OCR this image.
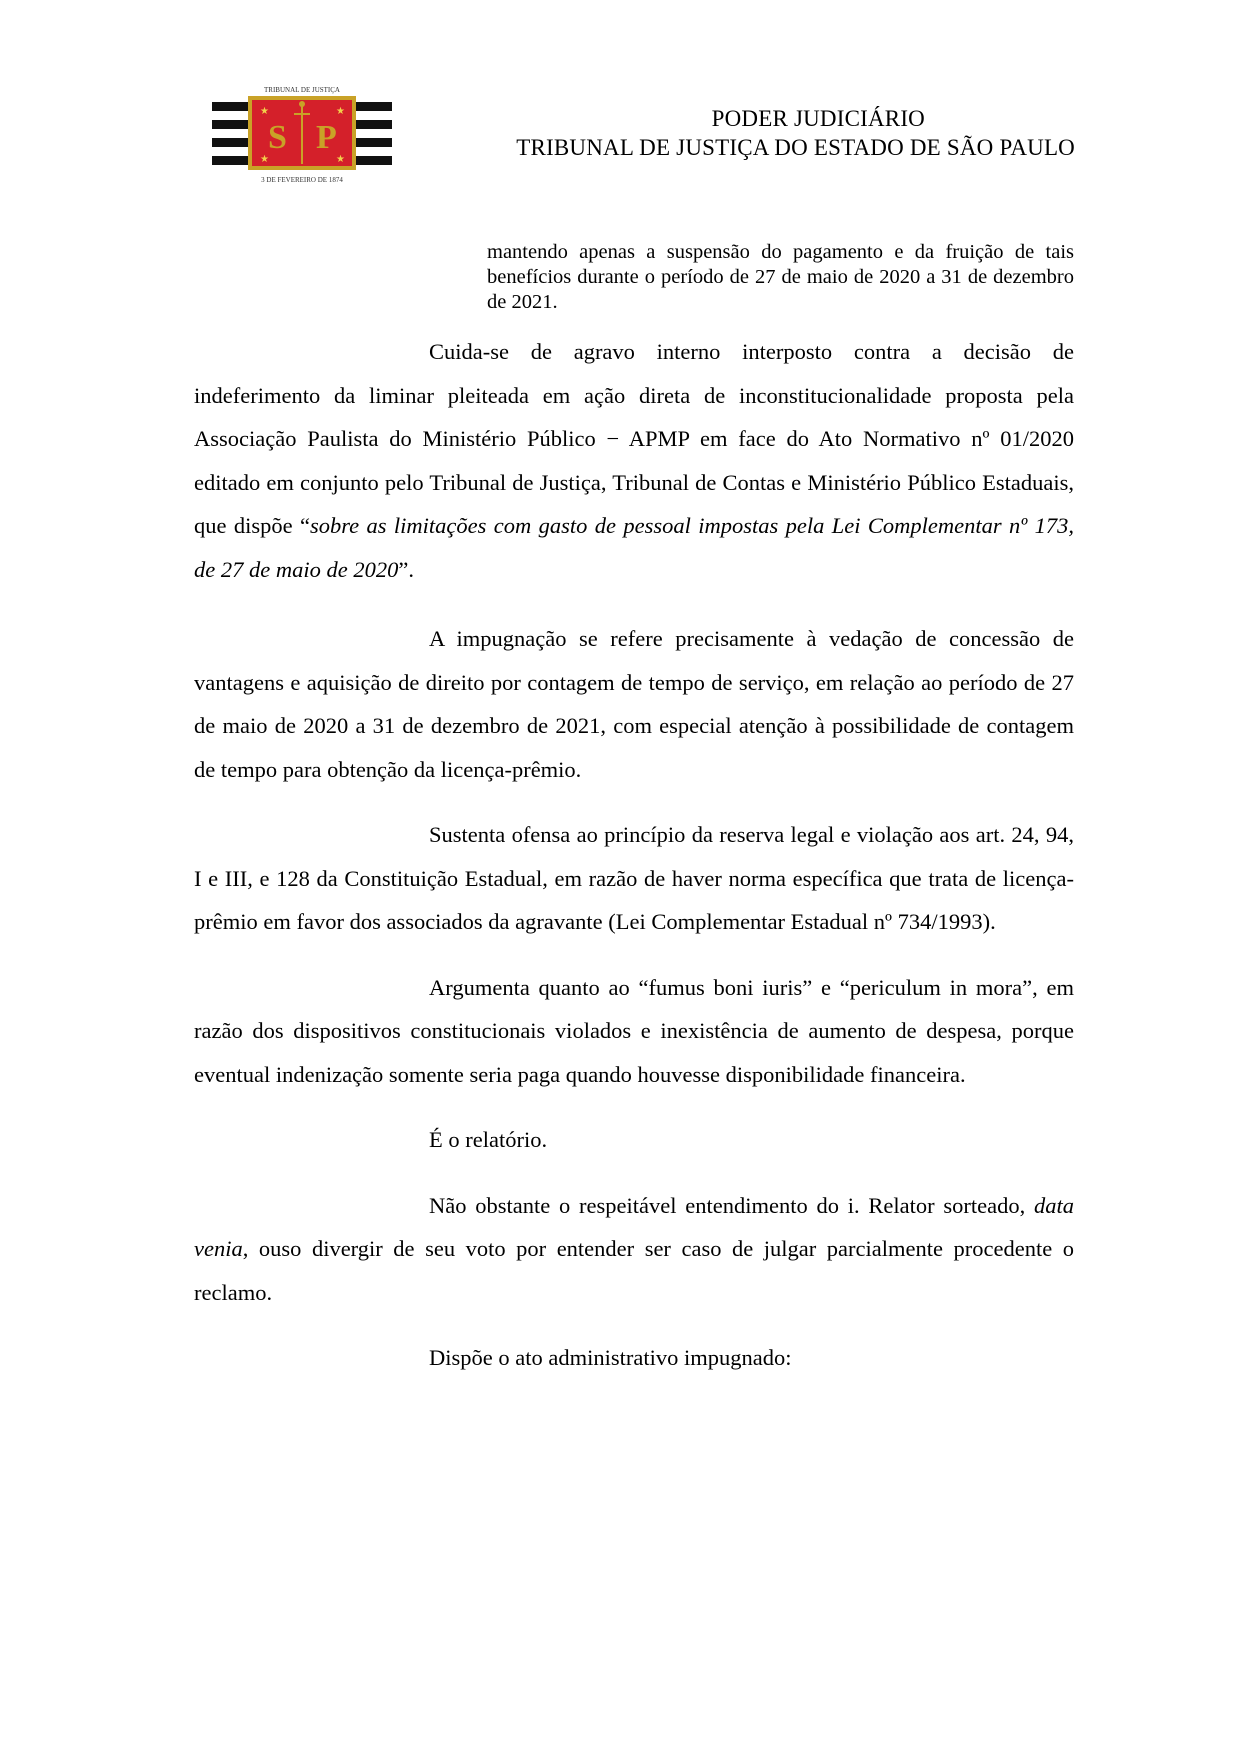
★	★
★	★
S P
TRIBUNAL DE JUSTIÇA
3 DE FEVEREIRO DE 1874
PODER JUDICIÁRIO
TRIBUNAL DE JUSTIÇA DO ESTADO DE SÃO PAULO
mantendo apenas a suspensão do pagamento e da fruição de tais benefícios durante o período de 27 de maio de 2020 a 31 de dezembro de 2021.

Cuida-se de agravo interno interposto contra a decisão de indeferimento da liminar pleiteada em ação direta de inconstitucionalidade proposta pela Associação Paulista do Ministério Público − APMP em face do Ato Normativo nº 01/2020 editado em conjunto pelo Tribunal de Justiça, Tribunal de Contas e Ministério Público Estaduais, que dispõe “sobre as limitações com gasto de pessoal impostas pela Lei Complementar nº 173, de 27 de maio de 2020”.

A impugnação se refere precisamente à vedação de concessão de vantagens e aquisição de direito por contagem de tempo de serviço, em relação ao período de 27 de maio de 2020 a 31 de dezembro de 2021, com especial atenção à possibilidade de contagem de tempo para obtenção da licença-prêmio.

Sustenta ofensa ao princípio da reserva legal e violação aos art. 24, 94, I e III, e 128 da Constituição Estadual, em razão de haver norma específica que trata de licença-prêmio em favor dos associados da agravante (Lei Complementar Estadual nº 734/1993).

Argumenta quanto ao “fumus boni iuris” e “periculum in mora”, em razão dos dispositivos constitucionais violados e inexistência de aumento de despesa, porque eventual indenização somente seria paga quando houvesse disponibilidade financeira.

É o relatório.

Não obstante o respeitável entendimento do i. Relator sorteado, data venia, ouso divergir de seu voto por entender ser caso de julgar parcialmente procedente o reclamo.

Dispõe o ato administrativo impugnado:
